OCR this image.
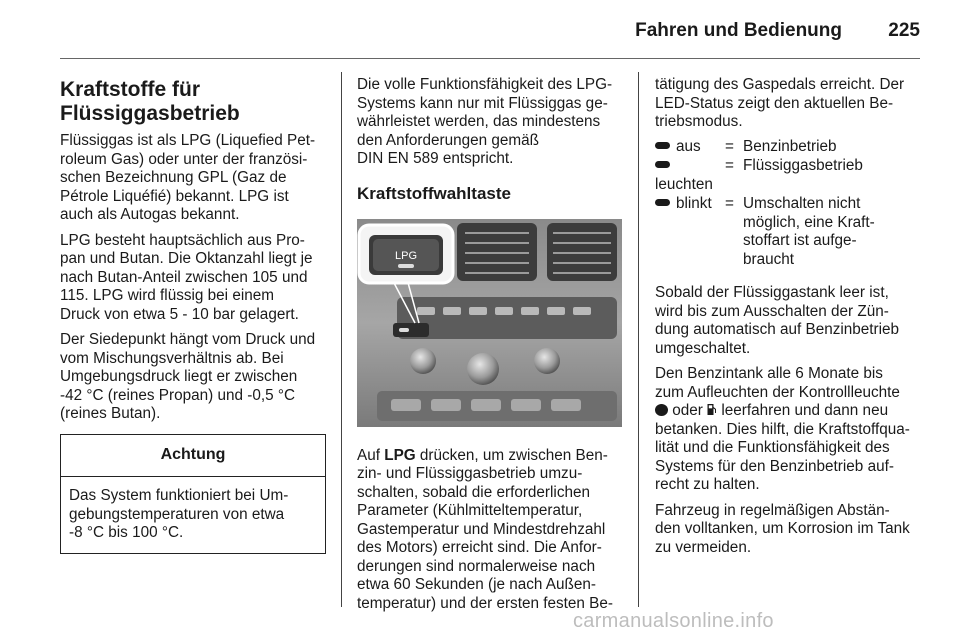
Fahren und Bedienung 225
Kraftstoffe für Flüssiggasbetrieb

Flüssiggas ist als LPG (Liquefied Pet-
roleum Gas) oder unter der französi-
schen Bezeichnung GPL (Gaz de
Pétrole Liquéfié) bekannt. LPG ist
auch als Autogas bekannt.

LPG besteht hauptsächlich aus Pro-
pan und Butan. Die Oktanzahl liegt je
nach Butan-Anteil zwischen 105 und
115. LPG wird flüssig bei einem
Druck von etwa 5 - 10 bar gelagert.

Der Siedepunkt hängt vom Druck und
vom Mischungsverhältnis ab. Bei
Umgebungsdruck liegt er zwischen
-42 °C (reines Propan) und -0,5 °C
(reines Butan).

Achtung
Das System funktioniert bei Um-
gebungstemperaturen von etwa
-8 °C bis 100 °C.

Die volle Funktionsfähigkeit des LPG-
Systems kann nur mit Flüssiggas ge-
währleistet werden, das mindestens
den Anforderungen gemäß
DIN EN 589 entspricht.

Kraftstoffwahltaste
LPG

Auf LPG drücken, um zwischen Ben-
zin- und Flüssiggasbetrieb umzu-
schalten, sobald die erforderlichen
Parameter (Kühlmitteltemperatur,
Gastemperatur und Mindestdrehzahl
des Motors) erreicht sind. Die Anfor-
derungen sind normalerweise nach
etwa 60 Sekunden (je nach Außen-
temperatur) und der ersten festen Be-

tätigung des Gaspedals erreicht. Der
LED-Status zeigt den aktuellen Be-
triebsmodus.

aus	=	Benzinbetrieb
leuchten	=	Flüssiggasbetrieb
blinkt	=	Umschalten nicht
möglich, eine Kraft-
stoffart ist aufge-
braucht

Sobald der Flüssiggastank leer ist,
wird bis zum Ausschalten der Zün-
dung automatisch auf Benzinbetrieb
umgeschaltet.

Den Benzintank alle 6 Monate bis
zum Aufleuchten der Kontrollleuchte
oder  leerfahren und dann neu
betanken. Dies hilft, die Kraftstoffqua-
lität und die Funktionsfähigkeit des
Systems für den Benzinbetrieb auf-
recht zu halten.

Fahrzeug in regelmäßigen Abstän-
den volltanken, um Korrosion im Tank
zu vermeiden.

carmanualsonline.info
